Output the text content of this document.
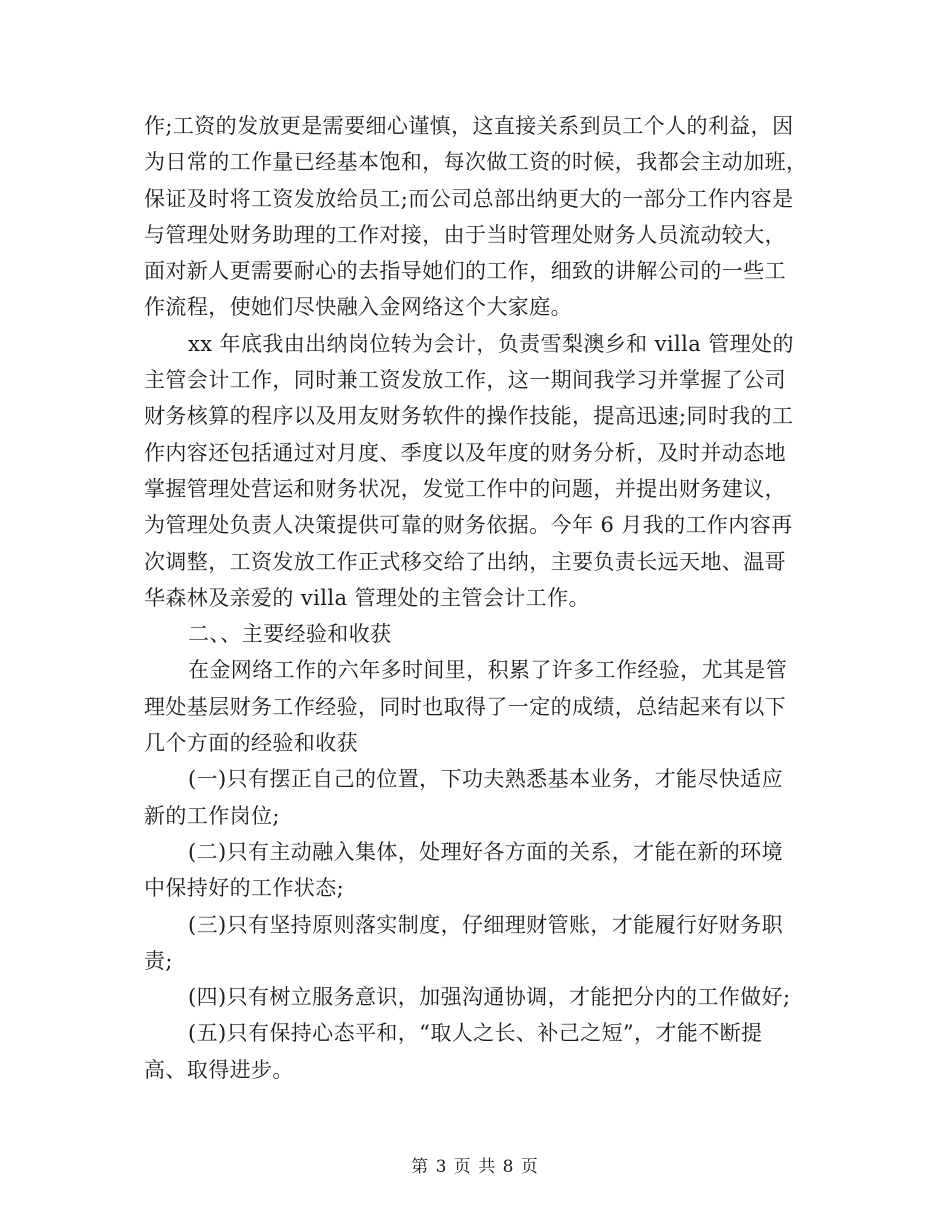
作;工资的发放更是需要细心谨慎，这直接关系到员工个人的利益，因
为日常的工作量已经基本饱和，每次做工资的时候，我都会主动加班，
保证及时将工资发放给员工;而公司总部出纳更大的一部分工作内容是
与管理处财务助理的工作对接，由于当时管理处财务人员流动较大，
面对新人更需要耐心的去指导她们的工作，细致的讲解公司的一些工
作流程，使她们尽快融入金网络这个大家庭。
xx 年底我由出纳岗位转为会计，负责雪梨澳乡和 villa 管理处的
主管会计工作，同时兼工资发放工作，这一期间我学习并掌握了公司
财务核算的程序以及用友财务软件的操作技能，提高迅速;同时我的工
作内容还包括通过对月度、季度以及年度的财务分析，及时并动态地
掌握管理处营运和财务状况，发觉工作中的问题，并提出财务建议，
为管理处负责人决策提供可靠的财务依据。今年 6 月我的工作内容再
次调整，工资发放工作正式移交给了出纳，主要负责长远天地、温哥
华森林及亲爱的 villa 管理处的主管会计工作。
二、、主要经验和收获
在金网络工作的六年多时间里，积累了许多工作经验，尤其是管
理处基层财务工作经验，同时也取得了一定的成绩，总结起来有以下
几个方面的经验和收获
(一)只有摆正自己的位置，下功夫熟悉基本业务，才能尽快适应
新的工作岗位;
(二)只有主动融入集体，处理好各方面的关系，才能在新的环境
中保持好的工作状态;
(三)只有坚持原则落实制度，仔细理财管账，才能履行好财务职
责;
(四)只有树立服务意识，加强沟通协调，才能把分内的工作做好;
(五)只有保持心态平和，“取人之长、补己之短”，才能不断提
高、取得进步。
第 3 页 共 8 页
